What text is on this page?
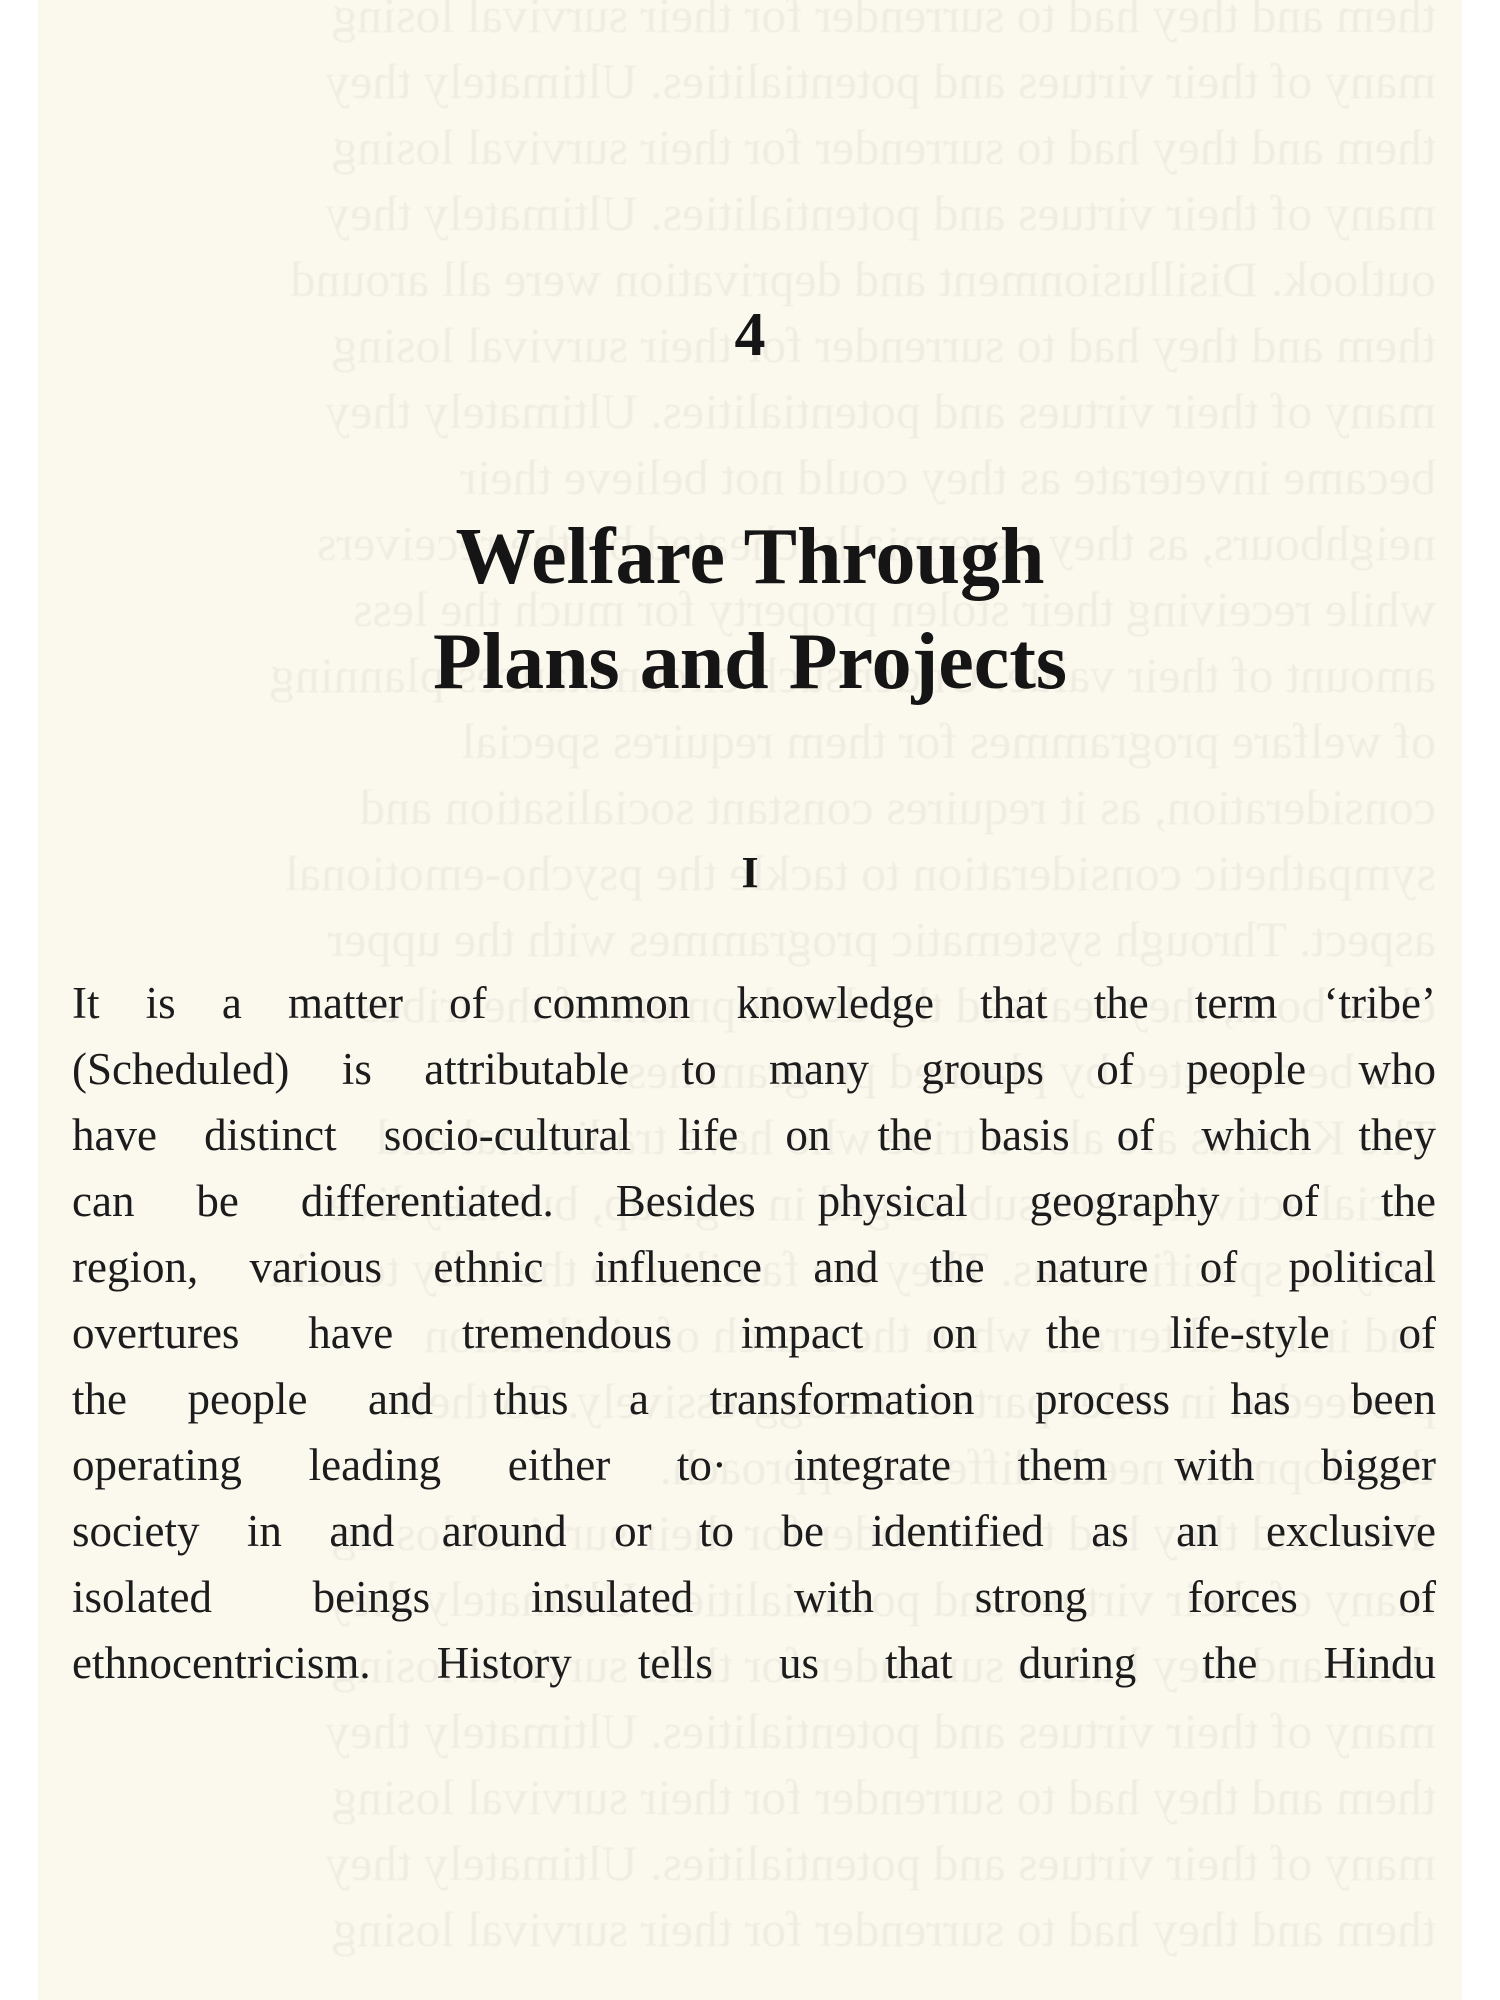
4
Welfare Through
Plans and Projects
I
It is a matter of common knowledge that the term ‘tribe’
(Scheduled) is attributable to many groups of people who
have distinct socio-cultural life on the basis of which they
can be differentiated. Besides physical geography of the
region, various ethnic influence and the nature of political
overtures have tremendous impact on the life-style of
the people and thus a transformation process has been
operating leading either to· integrate them with bigger
society in and around or to be identified as an exclusive
isolated beings insulated with strong forces of
ethnocentricism. History tells us that during the Hindu
